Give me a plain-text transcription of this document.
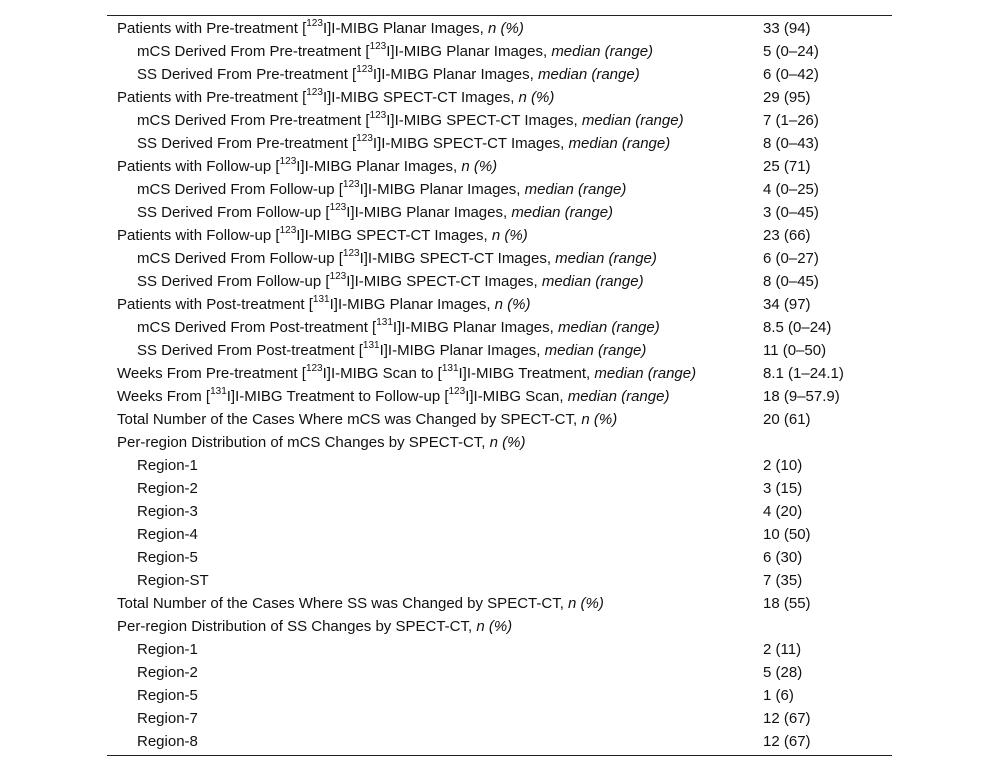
Patients with Pre-treatment [$^{123}$I]I-MIBG Planar Images, n (%)	33 (94)
mCS Derived From Pre-treatment [$^{123}$I]I-MIBG Planar Images, median (range)	5 (0–24)
SS Derived From Pre-treatment [$^{123}$I]I-MIBG Planar Images, median (range)	6 (0–42)
Patients with Pre-treatment [$^{123}$I]I-MIBG SPECT-CT Images, n (%)	29 (95)
mCS Derived From Pre-treatment [$^{123}$I]I-MIBG SPECT-CT Images, median (range)	7 (1–26)
SS Derived From Pre-treatment [$^{123}$I]I-MIBG SPECT-CT Images, median (range)	8 (0–43)
Patients with Follow-up [$^{123}$I]I-MIBG Planar Images, n (%)	25 (71)
mCS Derived From Follow-up [$^{123}$I]I-MIBG Planar Images, median (range)	4 (0–25)
SS Derived From Follow-up [$^{123}$I]I-MIBG Planar Images, median (range)	3 (0–45)
Patients with Follow-up [$^{123}$I]I-MIBG SPECT-CT Images, n (%)	23 (66)
mCS Derived From Follow-up [$^{123}$I]I-MIBG SPECT-CT Images, median (range)	6 (0–27)
SS Derived From Follow-up [$^{123}$I]I-MIBG SPECT-CT Images, median (range)	8 (0–45)
Patients with Post-treatment [$^{131}$I]I-MIBG Planar Images, n (%)	34 (97)
mCS Derived From Post-treatment [$^{131}$I]I-MIBG Planar Images, median (range)	8.5 (0–24)
SS Derived From Post-treatment [$^{131}$I]I-MIBG Planar Images, median (range)	11 (0–50)
Weeks From Pre-treatment [$^{123}$I]I-MIBG Scan to [$^{131}$I]I-MIBG Treatment, median (range)	8.1 (1–24.1)
Weeks From [$^{131}$I]I-MIBG Treatment to Follow-up [$^{123}$I]I-MIBG Scan, median (range)	18 (9–57.9)
Total Number of the Cases Where mCS was Changed by SPECT-CT, n (%)	20 (61)
Per-region Distribution of mCS Changes by SPECT-CT, n (%)
Region-1	2 (10)
Region-2	3 (15)
Region-3	4 (20)
Region-4	10 (50)
Region-5	6 (30)
Region-ST	7 (35)
Total Number of the Cases Where SS was Changed by SPECT-CT, n (%)	18 (55)
Per-region Distribution of SS Changes by SPECT-CT, n (%)
Region-1	2 (11)
Region-2	5 (28)
Region-5	1 (6)
Region-7	12 (67)
Region-8	12 (67)
